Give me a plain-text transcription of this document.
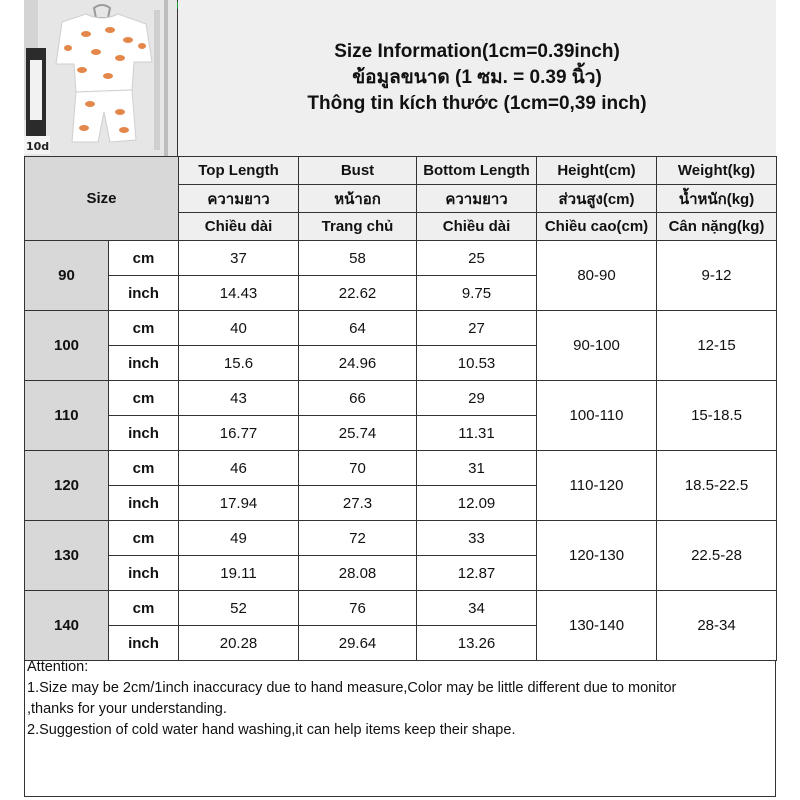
10d
Size Information(1cm=0.39inch)
ข้อมูลขนาด (1 ซม. = 0.39 นิ้ว)
Thông tin kích thước (1cm=0,39 inch)
Size		Top Length	Bust	Bottom Length	Height(cm)	Weight(kg)
		ความยาว	หน้าอก	ความยาว	ส่วนสูง(cm)	น้ำหนัก(kg)
		Chiều dài	Trang chủ	Chiều dài	Chiều cao(cm)	Cân nặng(kg)
90	cm	37	58	25	80-90	9-12
	inch	14.43	22.62	9.75		
100	cm	40	64	27	90-100	12-15
	inch	15.6	24.96	10.53		
110	cm	43	66	29	100-110	15-18.5
	inch	16.77	25.74	11.31		
120	cm	46	70	31	110-120	18.5-22.5
	inch	17.94	27.3	12.09		
130	cm	49	72	33	120-130	22.5-28
	inch	19.11	28.08	12.87		
140	cm	52	76	34	130-140	28-34
	inch	20.28	29.64	13.26		

Attention:

1.Size may be 2cm/1inch inaccuracy due to hand measure,Color may be little different due to monitor

,thanks for your understanding.

2.Suggestion of cold water hand washing,it can help items keep their shape.
